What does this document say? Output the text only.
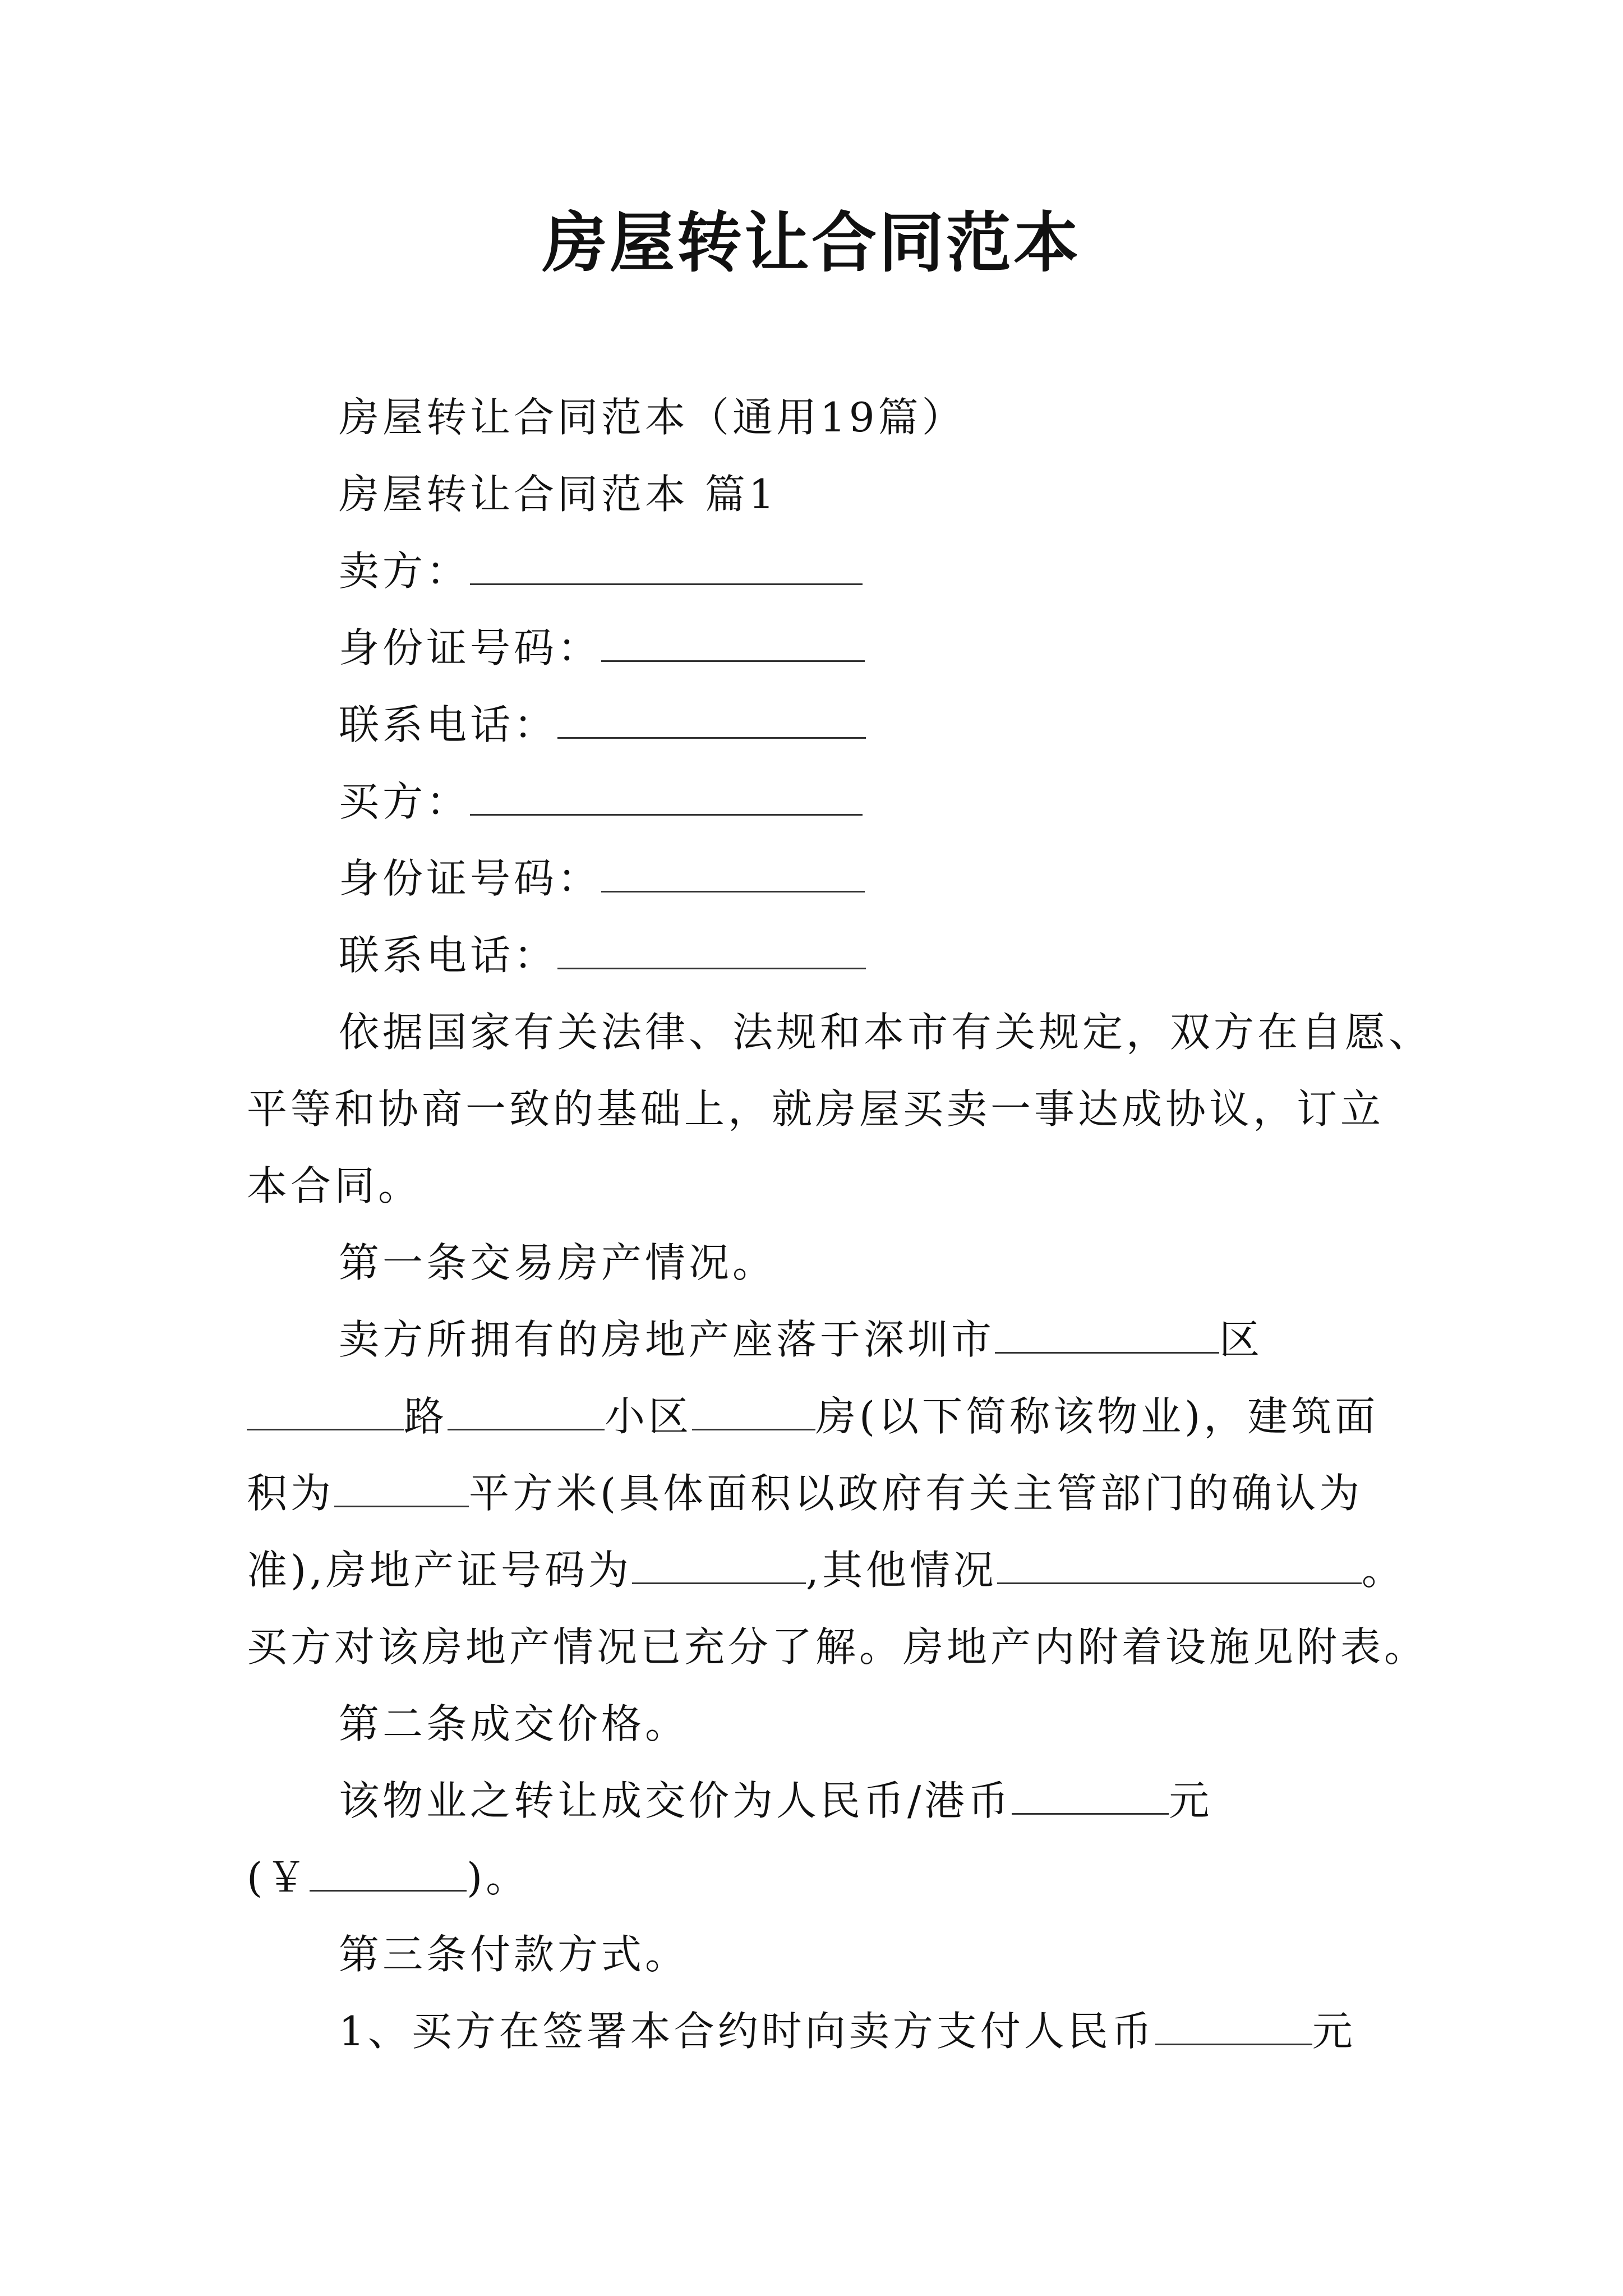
房屋转让合同范本
房屋转让合同范本（通用19篇）
房屋转让合同范本 篇1
卖方：
身份证号码：
联系电话：
买方：
身份证号码：
联系电话：
依据国家有关法律、法规和本市有关规定，双方在自愿、
平等和协商一致的基础上，就房屋买卖一事达成协议，订立
本合同。
第一条交易房产情况。
卖方所拥有的房地产座落于深圳市	区
路	小区	房(以下简称该物业)，建筑面
积为	平方米(具体面积以政府有关主管部门的确认为
准),房地产证号码为	,其他情况	。
买方对该房地产情况已充分了解。房地产内附着设施见附表。
第二条成交价格。
该物业之转让成交价为人民币/港币	元
(￥	)。
第三条付款方式。
1、买方在签署本合约时向卖方支付人民币	元
